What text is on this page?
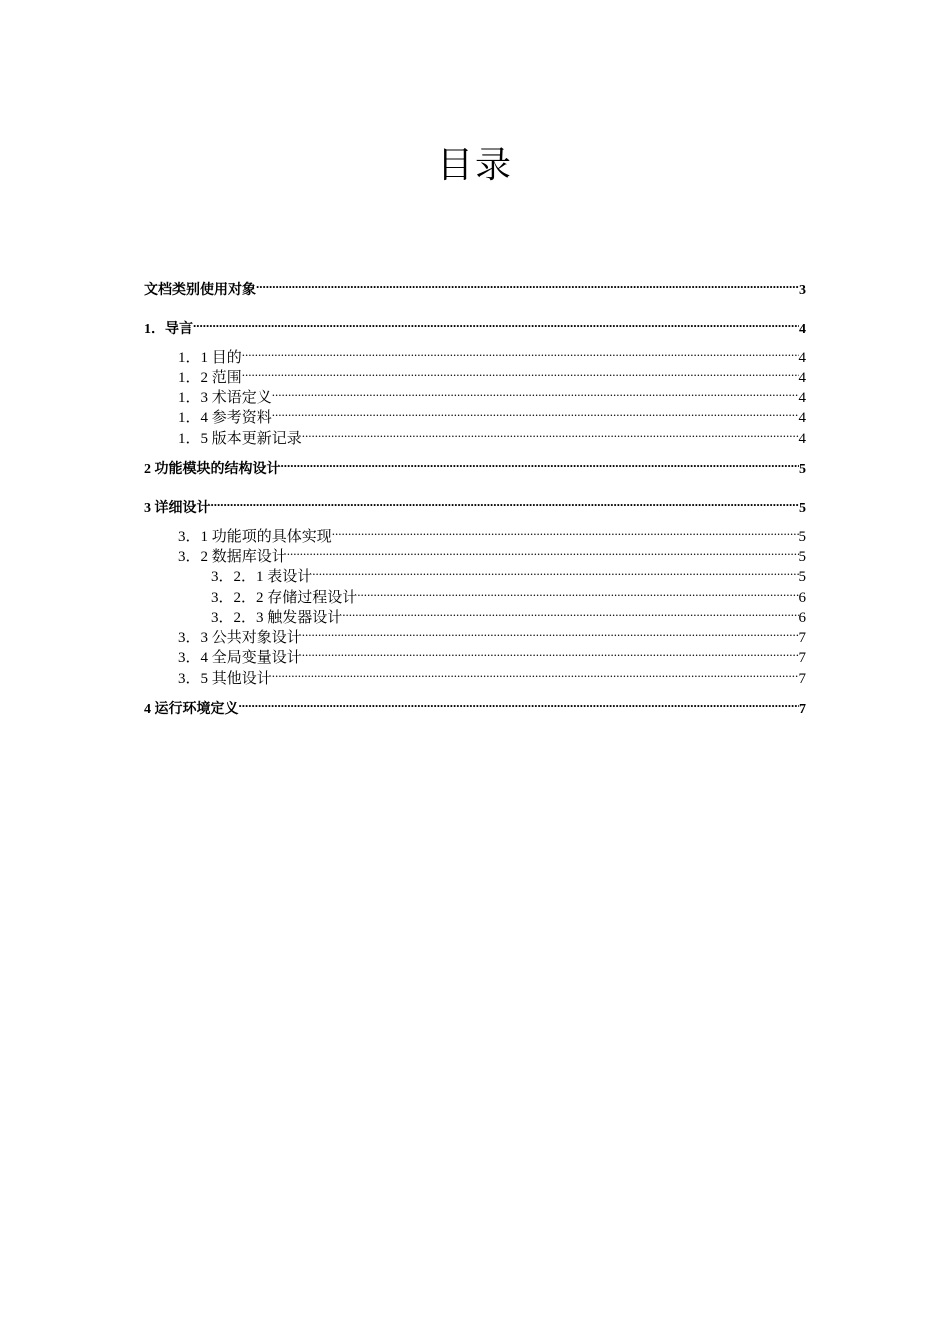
目录
文档类别使用对象 .....	3
1．导言 .....	4
1．1 目的 .....	4
1．2 范围 .....	4
1．3 术语定义 .....	4
1．4 参考资料 .....	4
1．5 版本更新记录 .....	4
2 功能模块的结构设计 .....	5
3 详细设计 .....	5
3．1 功能项的具体实现 .....	5
3．2 数据库设计 .....	5
3．2．1 表设计 .....	5
3．2．2 存储过程设计 .....	6
3．2．3 触发器设计 .....	6
3．3 公共对象设计 .....	7
3．4 全局变量设计 .....	7
3．5 其他设计 .....	7
4 运行环境定义 .....	7
